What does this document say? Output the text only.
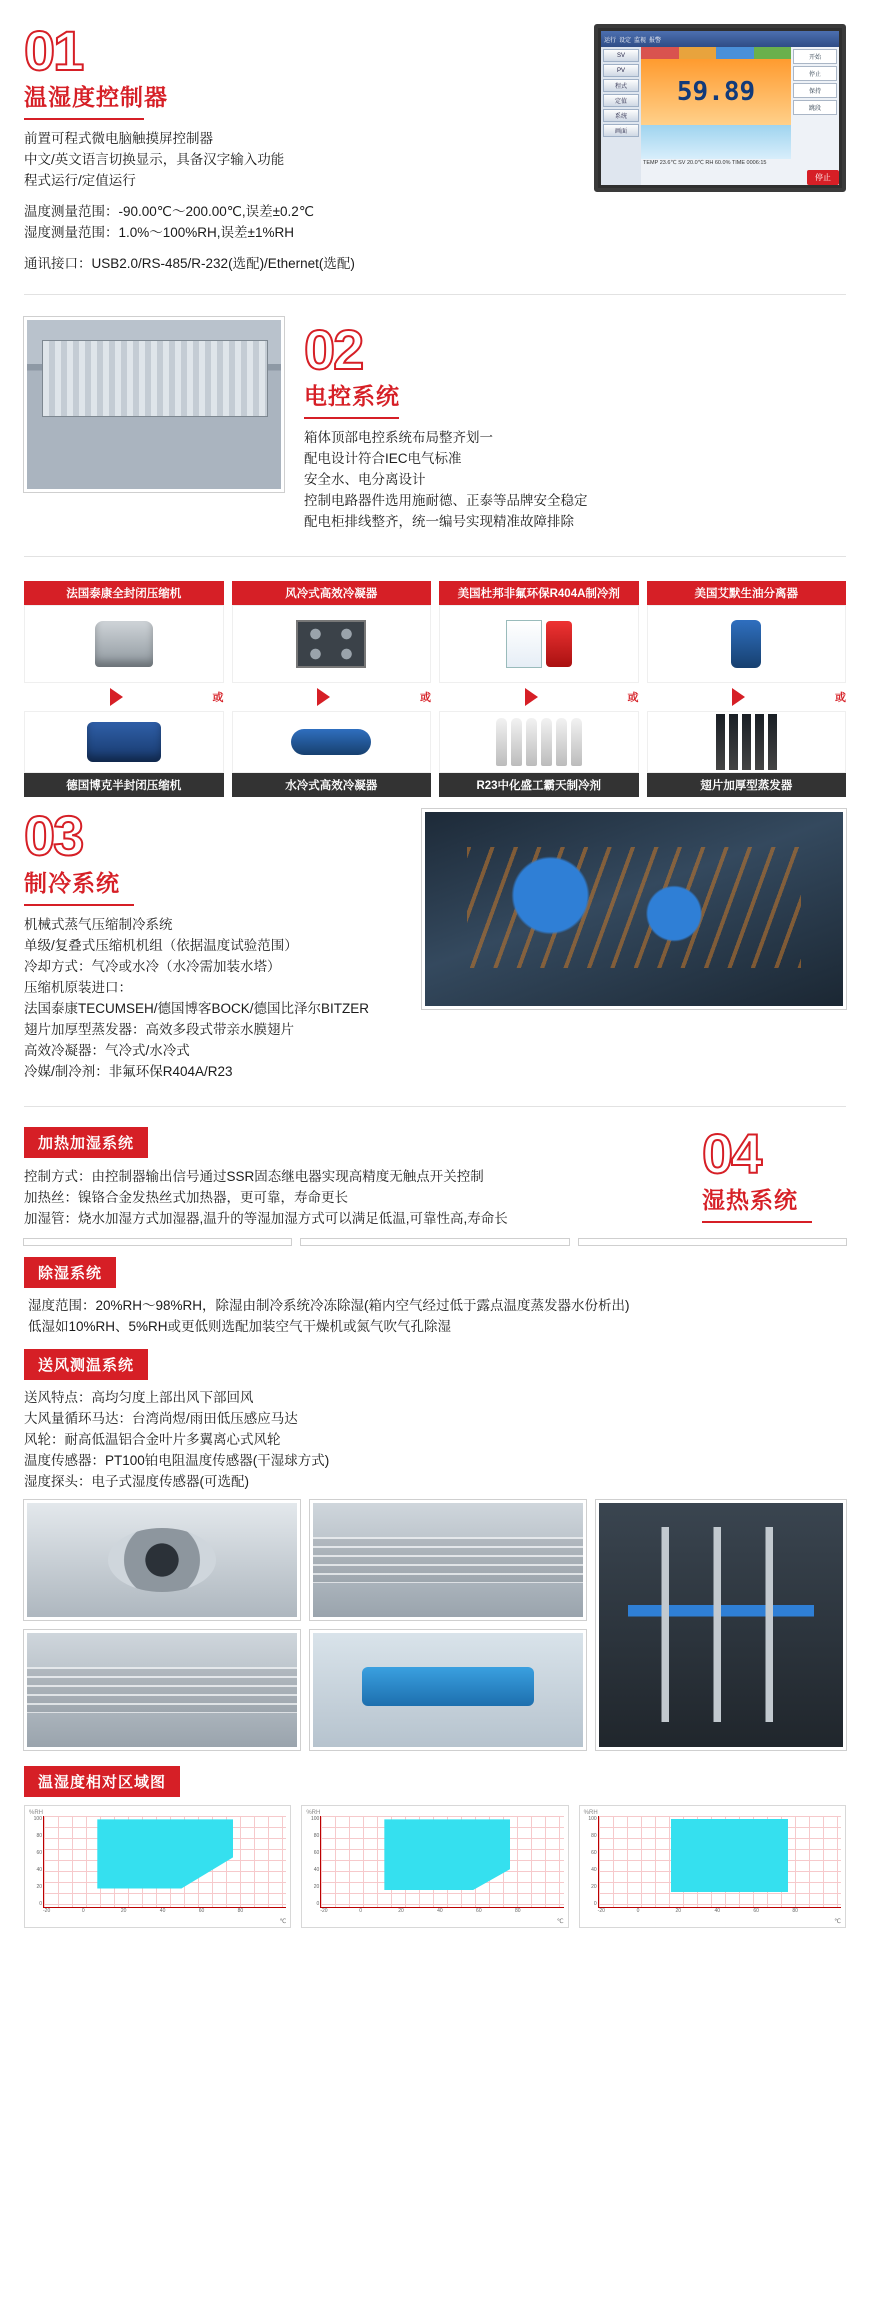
01
温湿度控制器
前置可程式微电脑触摸屏控制器
中文/英文语言切换显示，具备汉字输入功能
程式运行/定值运行
温度测量范围：-90.00℃～200.00℃,误差±0.2℃
湿度测量范围：1.0%～100%RH,误差±1%RH
通讯接口：USB2.0/RS-485/R-232(选配)/Ethernet(选配)
运行 设定 监视 报警
SV
PV
程式
定值
系统
画面
59.89
TEMP 23.6℃ SV 20.0℃ RH 60.0% TIME 0006:15
开始
停止
保持
跳段
停止
02
电控系统
箱体顶部电控系统布局整齐划一
配电设计符合IEC电气标准
安全水、电分离设计
控制电路器件选用施耐德、正泰等品牌安全稳定
配电柜排线整齐，统一编号实现精准故障排除
法国泰康全封闭压缩机
或
德国博克半封闭压缩机
风冷式高效冷凝器
或
水冷式高效冷凝器
美国杜邦非氟环保R404A制冷剂
或
R23中化盛工霸天制冷剂
美国艾默生油分离器
或
翅片加厚型蒸发器
03
制冷系统
机械式蒸气压缩制冷系统
单级/复叠式压缩机机组（依据温度试验范围）
冷却方式：气冷或水冷（水冷需加装水塔）
压缩机原装进口：
法国泰康TECUMSEH/德国博客BOCK/德国比泽尔BITZER
翅片加厚型蒸发器：高效多段式带亲水膜翅片
高效冷凝器：气冷式/水冷式
冷媒/制冷剂：非氟环保R404A/R23
加热加湿系统
控制方式：由控制器输出信号通过SSR固态继电器实现高精度无触点开关控制
加热丝：镍铬合金发热丝式加热器，更可靠，寿命更长
加湿管：烧水加湿方式加湿器,温升的等湿加湿方式可以满足低温,可靠性高,寿命长
04
湿热系统
除湿系统
湿度范围：20%RH～98%RH，除湿由制冷系统冷冻除湿(箱内空气经过低于露点温度蒸发器水份析出)
低湿如10%RH、5%RH或更低则选配加装空气干燥机或氮气吹气孔除湿
送风测温系统
送风特点：高均匀度上部出风下部回风
大风量循环马达：台湾尚煜/雨田低压感应马达
风轮：耐高低温铝合金叶片多翼离心式风轮
温度传感器：PT100铂电阻温度传感器(干湿球方式)
湿度探头：电子式湿度传感器(可选配)
温湿度相对区域图
%RH
100
80
60
40
20
0
-20	0	20	40	60	80
℃
%RH
100
80
60
40
20
0
-20	0	20	40	60	80
℃
%RH
100
80
60
40
20
0
-20	0	20	40	60	80
℃
